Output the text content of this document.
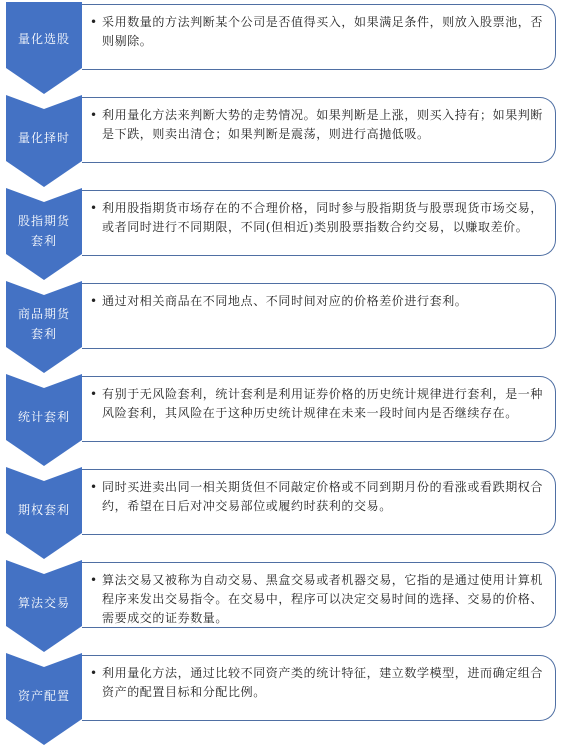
量化选股
• 采用数量的方法判断某个公司是否值得买入，如果满足条件，则放入股票池，否则剔除。
量化择时
• 利用量化方法来判断大势的走势情况。如果判断是上涨，则买入持有；如果判断是下跌，则卖出清仓；如果判断是震荡，则进行高抛低吸。
股指期货套利
• 利用股指期货市场存在的不合理价格，同时参与股指期货与股票现货市场交易，或者同时进行不同期限，不同(但相近)类别股票指数合约交易，以赚取差价。
商品期货套利
• 通过对相关商品在不同地点、不同时间对应的价格差价进行套利。
统计套利
• 有别于无风险套利，统计套利是利用证券价格的历史统计规律进行套利，是一种风险套利，其风险在于这种历史统计规律在未来一段时间内是否继续存在。
期权套利
• 同时买进卖出同一相关期货但不同敲定价格或不同到期月份的看涨或看跌期权合约，希望在日后对冲交易部位或履约时获利的交易。
算法交易
• 算法交易又被称为自动交易、黑盒交易或者机器交易，它指的是通过使用计算机程序来发出交易指令。在交易中，程序可以决定交易时间的选择、交易的价格、需要成交的证券数量。
资产配置
• 利用量化方法，通过比较不同资产类的统计特征，建立数学模型，进而确定组合资产的配置目标和分配比例。
